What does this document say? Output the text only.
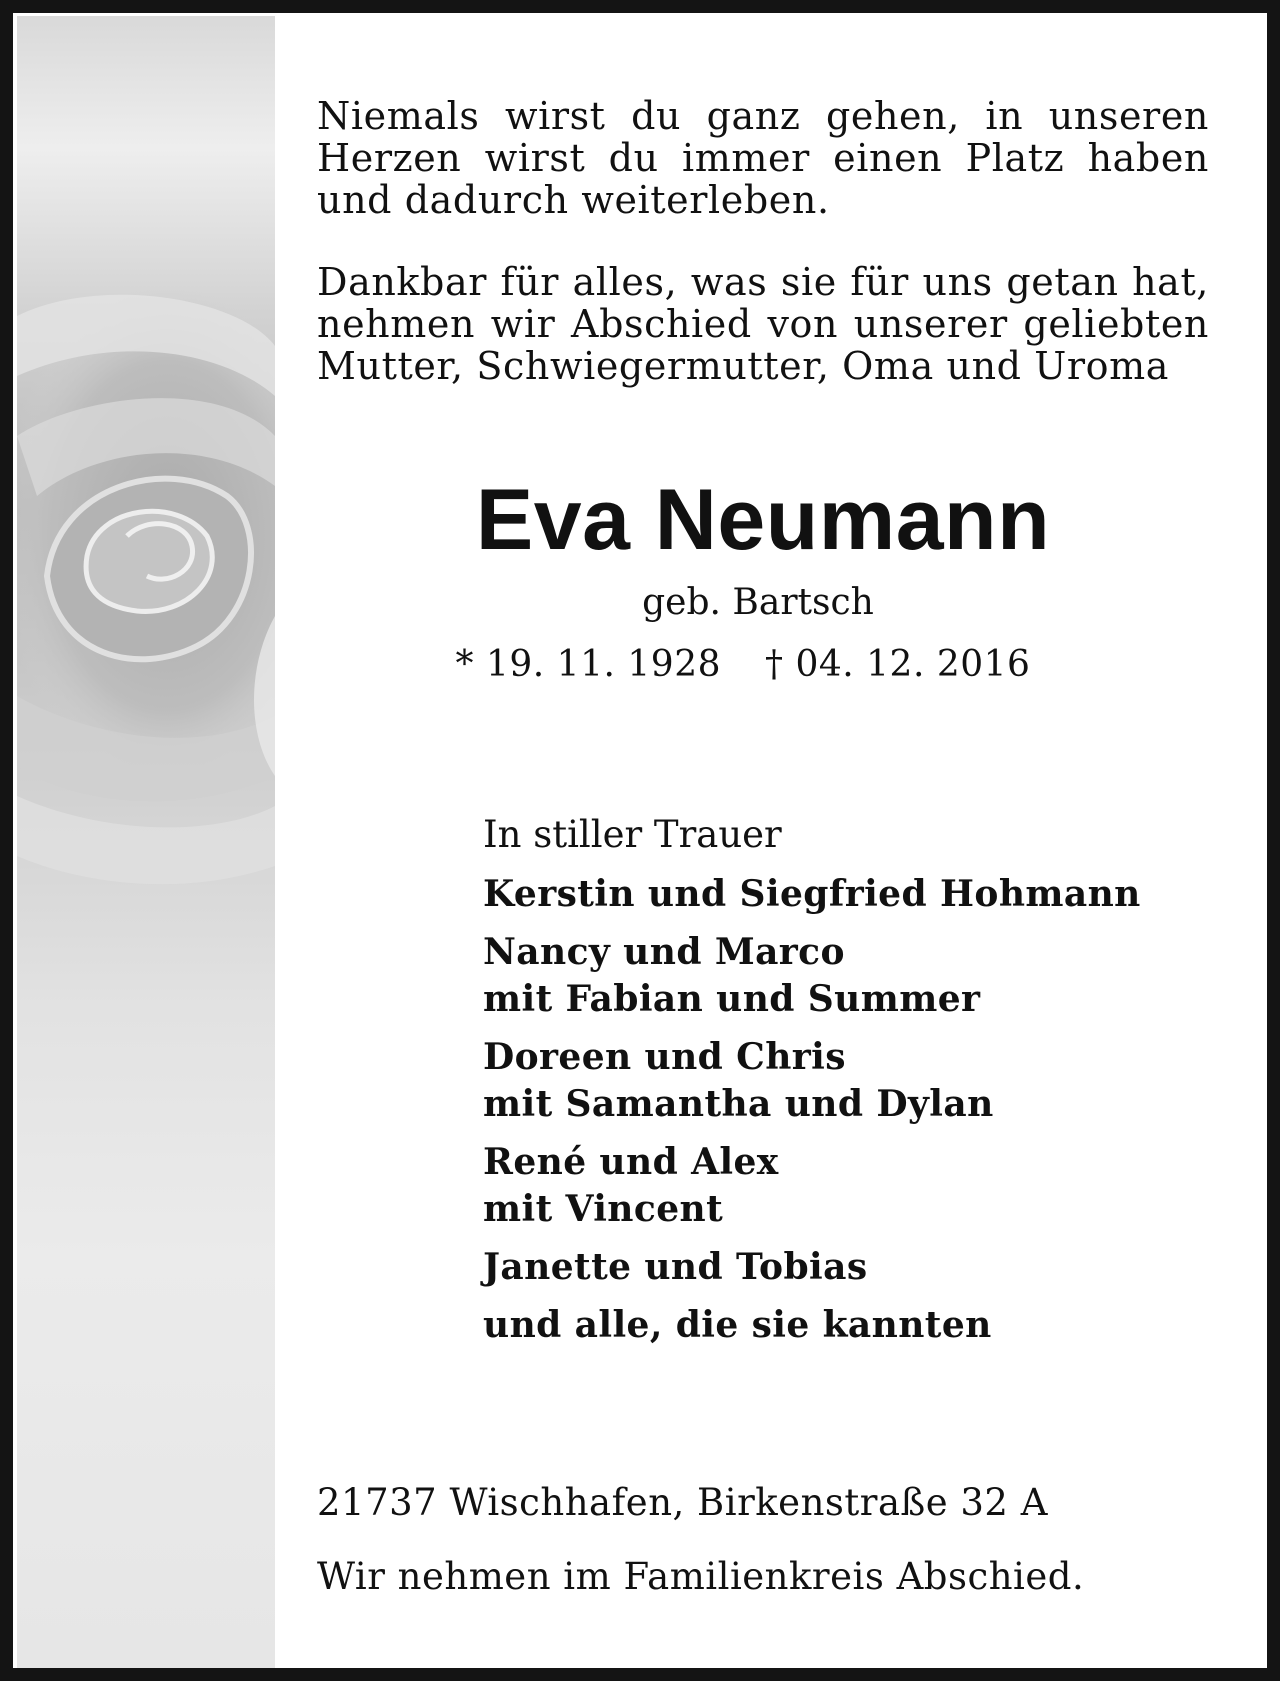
Niemals wirst du ganz gehen, in unseren
Herzen wirst du immer einen Platz haben
und dadurch weiterleben.
Dankbar für alles, was sie für uns getan hat,
nehmen wir Abschied von unserer geliebten
Mutter, Schwiegermutter, Oma und Uroma
Eva Neumann
geb. Bartsch
* 19. 11. 1928 † 04. 12. 2016

In stiller Trauer

Kerstin und Siegfried Hohmann
Nancy und Marco
mit Fabian und Summer
Doreen und Chris
mit Samantha und Dylan
René und Alex
mit Vincent
Janette und Tobias
und alle, die sie kannten
21737 Wischhafen, Birkenstraße 32 A
Wir nehmen im Familienkreis Abschied.
